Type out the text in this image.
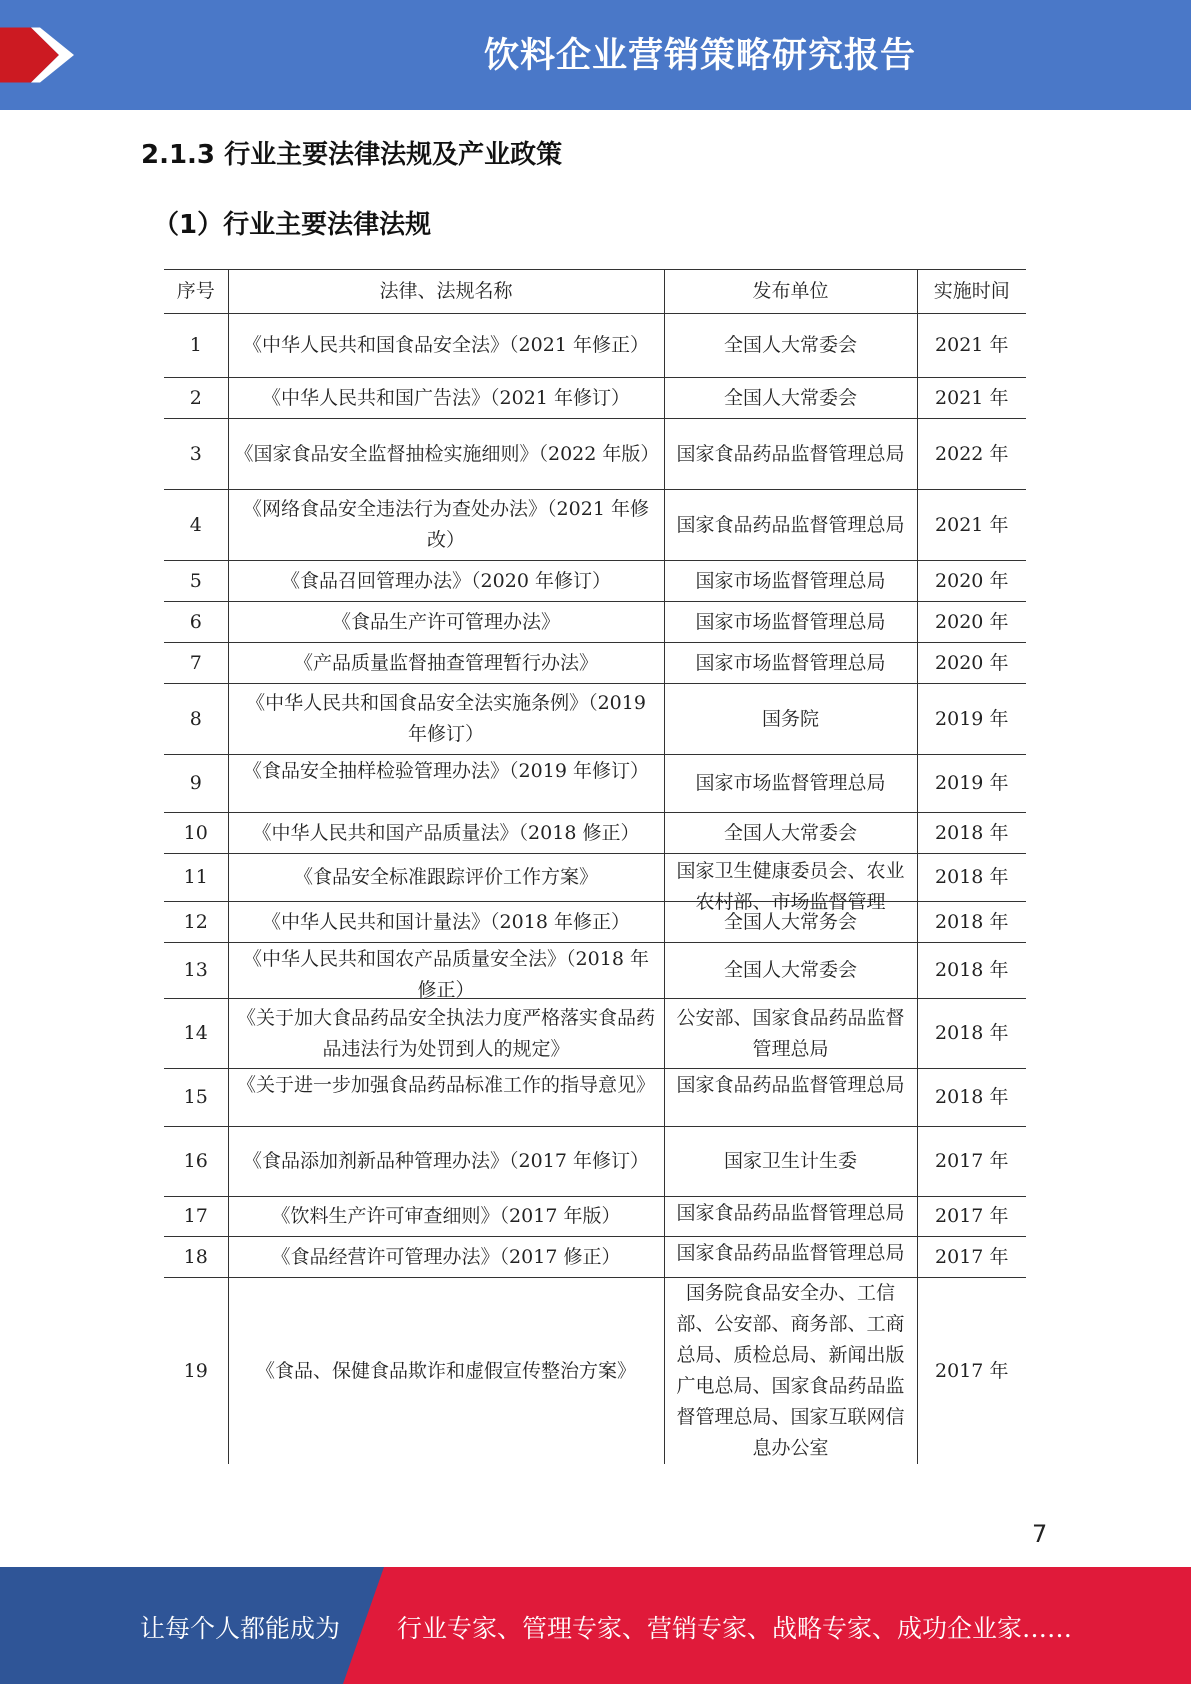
饮料企业营销策略研究报告
2.1.3 行业主要法律法规及产业政策
（1）行业主要法律法规
序号	法律、法规名称	发布单位	实施时间
1	《中华人民共和国食品安全法》（2021 年修正）	全国人大常委会	2021 年
2	《中华人民共和国广告法》（2021 年修订）	全国人大常委会	2021 年
3	《国家食品安全监督抽检实施细则》（2022 年版）	国家食品药品监督管理总局	2022 年
4	《网络食品安全违法行为查处办法》（2021 年修改）	国家食品药品监督管理总局	2021 年
5	《食品召回管理办法》（2020 年修订）	国家市场监督管理总局	2020 年
6	《食品生产许可管理办法》	国家市场监督管理总局	2020 年
7	《产品质量监督抽查管理暂行办法》	国家市场监督管理总局	2020 年
8	《中华人民共和国食品安全法实施条例》（2019 年修订）	国务院	2019 年
9	《食品安全抽样检验管理办法》（2019 年修订）	国家市场监督管理总局	2019 年
10	《中华人民共和国产品质量法》（2018 修正）	全国人大常委会	2018 年
11	《食品安全标准跟踪评价工作方案》	国家卫生健康委员会、农业农村部、市场监督管理	2018 年
12	《中华人民共和国计量法》（2018 年修正）	全国人大常务会	2018 年
13	《中华人民共和国农产品质量安全法》（2018 年修正）	全国人大常委会	2018 年
14	《关于加大食品药品安全执法力度严格落实食品药品违法行为处罚到人的规定》	公安部、国家食品药品监督管理总局	2018 年
15	《关于进一步加强食品药品标准工作的指导意见》	国家食品药品监督管理总局	2018 年
16	《食品添加剂新品种管理办法》（2017 年修订）	国家卫生计生委	2017 年
17	《饮料生产许可审查细则》（2017 年版）	国家食品药品监督管理总局	2017 年
18	《食品经营许可管理办法》（2017 修正）	国家食品药品监督管理总局	2017 年
19	《食品、保健食品欺诈和虚假宣传整治方案》	国务院食品安全办、工信部、公安部、商务部、工商总局、质检总局、新闻出版广电总局、国家食品药品监督管理总局、国家互联网信息办公室	2017 年
7
让每个人都能成为 行业专家、管理专家、营销专家、战略专家、成功企业家……
